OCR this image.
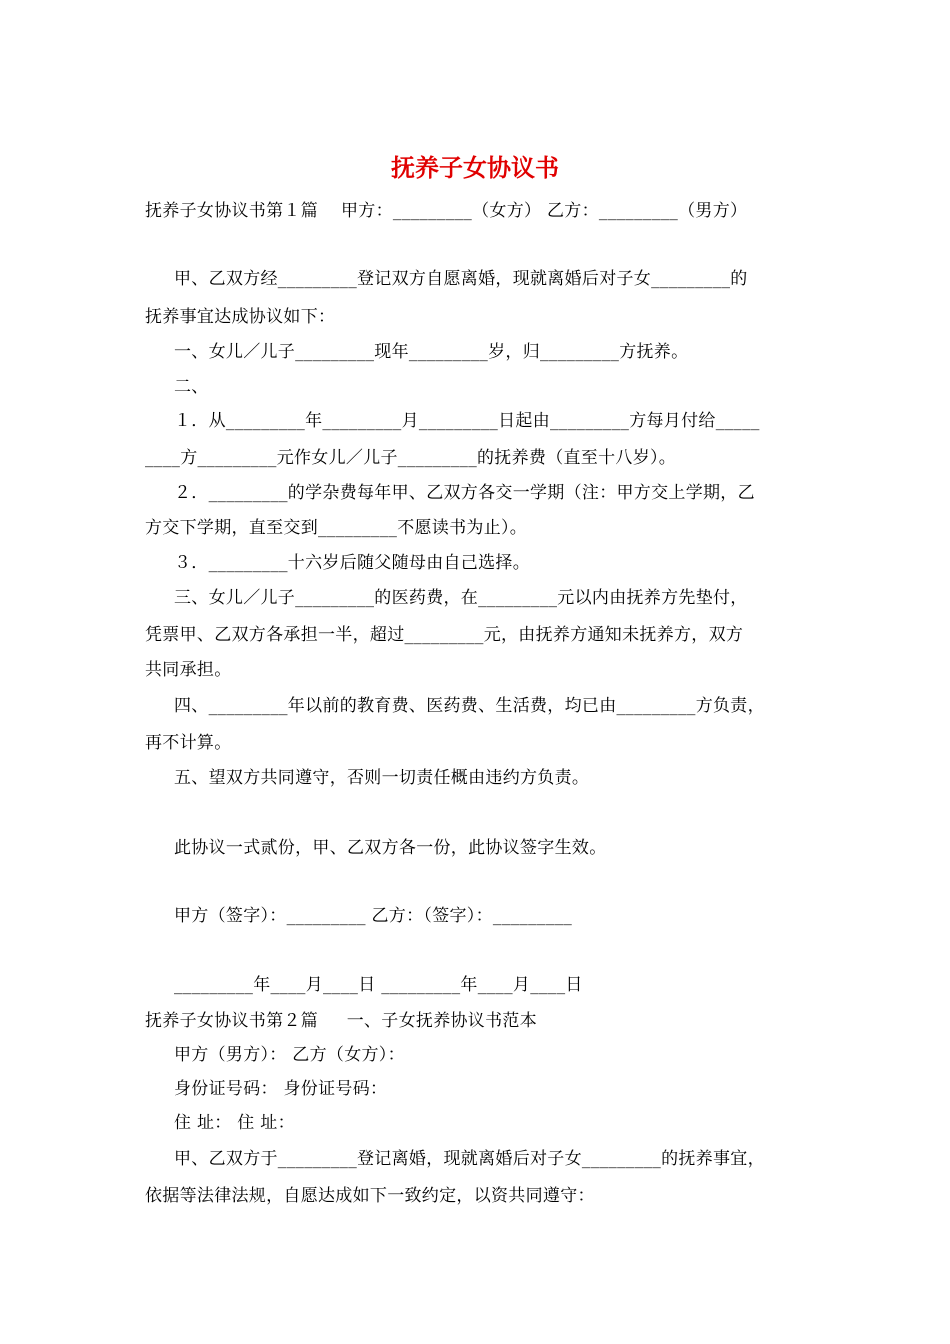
抚养子女协议书
抚养子女协议书第１篇　 甲方：_________（女方） 乙方：_________（男方）
甲、乙双方经_________登记双方自愿离婚，现就离婚后对子女_________的
抚养事宜达成协议如下：
一、女儿／儿子_________现年_________岁，归_________方抚养。
二、
１．从_________年_________月_________日起由_________方每月付给_____
____方_________元作女儿／儿子_________的抚养费（直至十八岁）。
２．_________的学杂费每年甲、乙双方各交一学期（注：甲方交上学期，乙
方交下学期，直至交到_________不愿读书为止）。
３．_________十六岁后随父随母由自己选择。
三、女儿／儿子_________的医药费，在_________元以内由抚养方先垫付，
凭票甲、乙双方各承担一半，超过_________元，由抚养方通知未抚养方，双方
共同承担。
四、_________年以前的教育费、医药费、生活费，均已由_________方负责，
再不计算。
五、望双方共同遵守，否则一切责任概由违约方负责。
此协议一式贰份，甲、乙双方各一份，此协议签字生效。
甲方（签字）：_________ 乙方：（签字）：_________
_________年____月____日 _________年____月____日
抚养子女协议书第２篇 　 一、子女抚养协议书范本
甲方（男方）： 乙方（女方）：
身份证号码： 身份证号码：
住 址： 住 址：
甲、乙双方于_________登记离婚，现就离婚后对子女_________的抚养事宜，
依据等法律法规，自愿达成如下一致约定，以资共同遵守：
